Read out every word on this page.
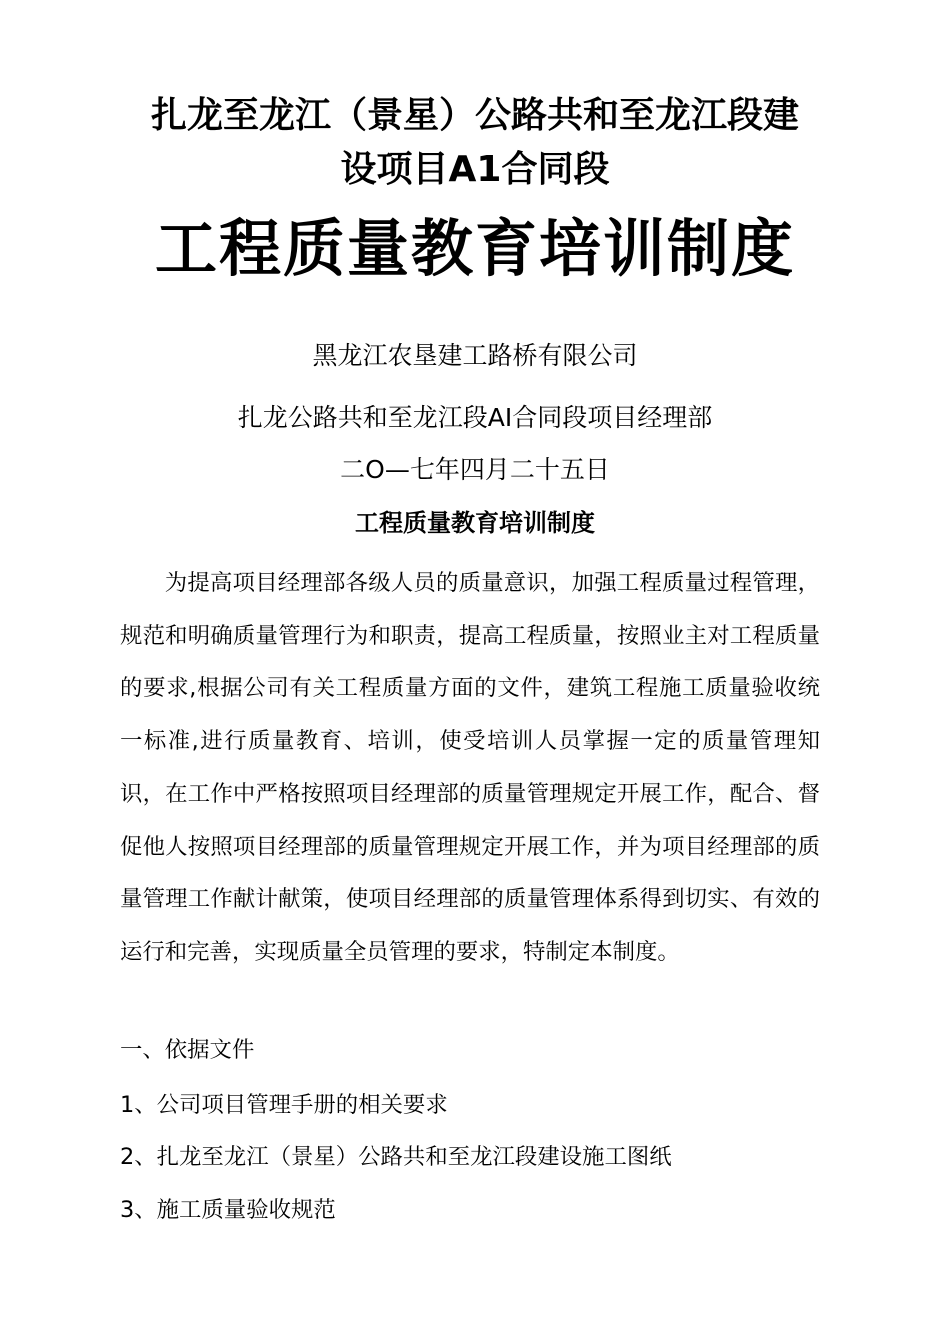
扎龙至龙江（景星）公路共和至龙江段建
设项目A1合同段
工程质量教育培训制度
黑龙江农垦建工路桥有限公司
扎龙公路共和至龙江段AI合同段项目经理部
二O—七年四月二十五日
工程质量教育培训制度
为提高项目经理部各级人员的质量意识，加强工程质量过程管理，规范和明确质量管理行为和职责，提高工程质量，按照业主对工程质量的要求,根据公司有关工程质量方面的文件，建筑工程施工质量验收统一标准,进行质量教育、培训，使受培训人员掌握一定的质量管理知识，在工作中严格按照项目经理部的质量管理规定开展工作，配合、督促他人按照项目经理部的质量管理规定开展工作，并为项目经理部的质量管理工作献计献策，使项目经理部的质量管理体系得到切实、有效的运行和完善，实现质量全员管理的要求，特制定本制度。
一、依据文件
1、公司项目管理手册的相关要求
2、扎龙至龙江（景星）公路共和至龙江段建设施工图纸
3、施工质量验收规范
